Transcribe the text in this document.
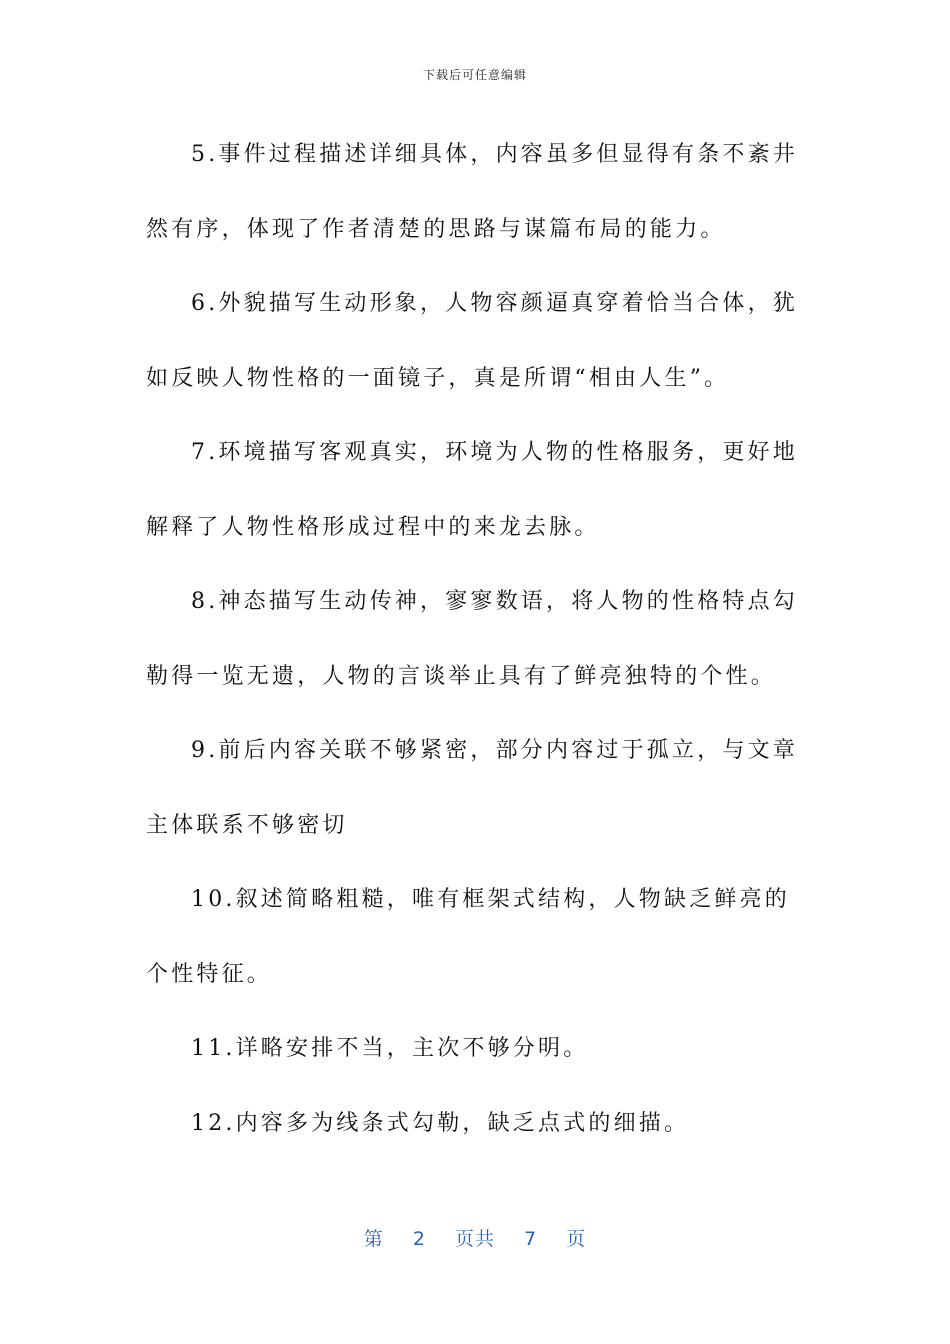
下载后可任意编辑

5.事件过程描述详细具体，内容虽多但显得有条不紊井然有序，体现了作者清楚的思路与谋篇布局的能力。

6.外貌描写生动形象，人物容颜逼真穿着恰当合体，犹如反映人物性格的一面镜子，真是所谓“相由人生”。

7.环境描写客观真实，环境为人物的性格服务，更好地解释了人物性格形成过程中的来龙去脉。

8.神态描写生动传神，寥寥数语，将人物的性格特点勾勒得一览无遗，人物的言谈举止具有了鲜亮独特的个性。

9.前后内容关联不够紧密，部分内容过于孤立，与文章主体联系不够密切

10.叙述简略粗糙，唯有框架式结构，人物缺乏鲜亮的个性特征。

11.详略安排不当，主次不够分明。

12.内容多为线条式勾勒，缺乏点式的细描。

第 2 页共 7 页
